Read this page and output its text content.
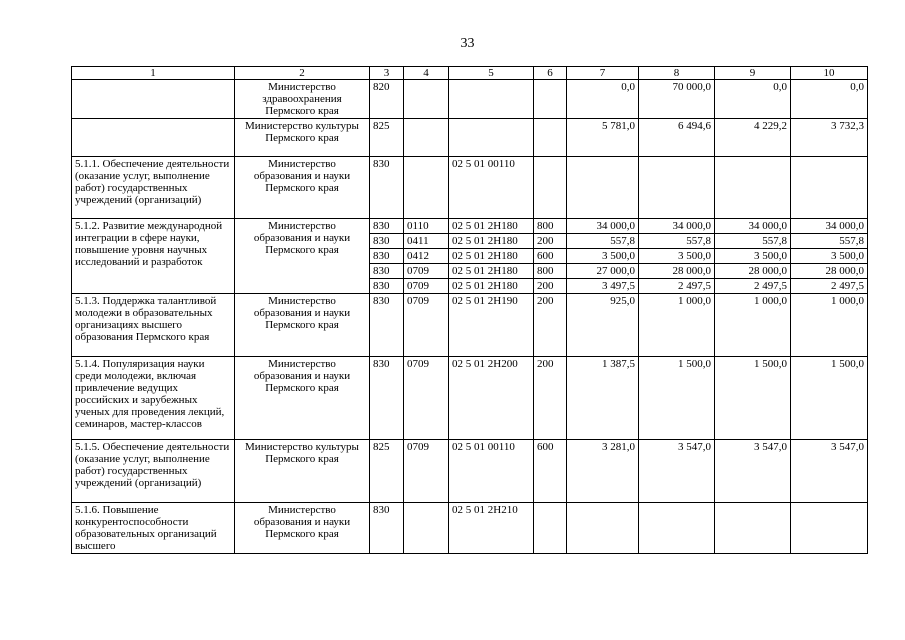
33
1	2	3	4	5	6	7	8	9	10
	Министерство здравоохранения Пермского края	820				0,0	70 000,0	0,0	0,0
	Министерство культуры Пермского края	825				5 781,0	6 494,6	4 229,2	3 732,3
5.1.1. Обеспечение деятельности (оказание услуг, выполнение работ) государственных учреждений (организаций)	Министерство образования и науки Пермского края	830		02 5 01 00110					
5.1.2. Развитие международной интеграции в сфере науки, повышение уровня научных исследований и разработок	Министерство образования и науки Пермского края	830	0110	02 5 01 2Н180	800	34 000,0	34 000,0	34 000,0	34 000,0
		830	0411	02 5 01 2Н180	200	557,8	557,8	557,8	557,8
		830	0412	02 5 01 2Н180	600	3 500,0	3 500,0	3 500,0	3 500,0
		830	0709	02 5 01 2Н180	800	27 000,0	28 000,0	28 000,0	28 000,0
		830	0709	02 5 01 2Н180	200	3 497,5	2 497,5	2 497,5	2 497,5
5.1.3. Поддержка талантливой молодежи в образовательных организациях высшего образования Пермского края	Министерство образования и науки Пермского края	830	0709	02 5 01 2Н190	200	925,0	1 000,0	1 000,0	1 000,0
5.1.4. Популяризация науки среди молодежи, включая привлечение ведущих российских и зарубежных ученых для проведения лекций, семинаров, мастер-классов	Министерство образования и науки Пермского края	830	0709	02 5 01 2Н200	200	1 387,5	1 500,0	1 500,0	1 500,0
5.1.5. Обеспечение деятельности (оказание услуг, выполнение работ) государственных учреждений (организаций)	Министерство культуры Пермского края	825	0709	02 5 01 00110	600	3 281,0	3 547,0	3 547,0	3 547,0
5.1.6. Повышение конкурентоспособности образовательных организаций высшего	Министерство образования и науки Пермского края	830		02 5 01 2Н210					
